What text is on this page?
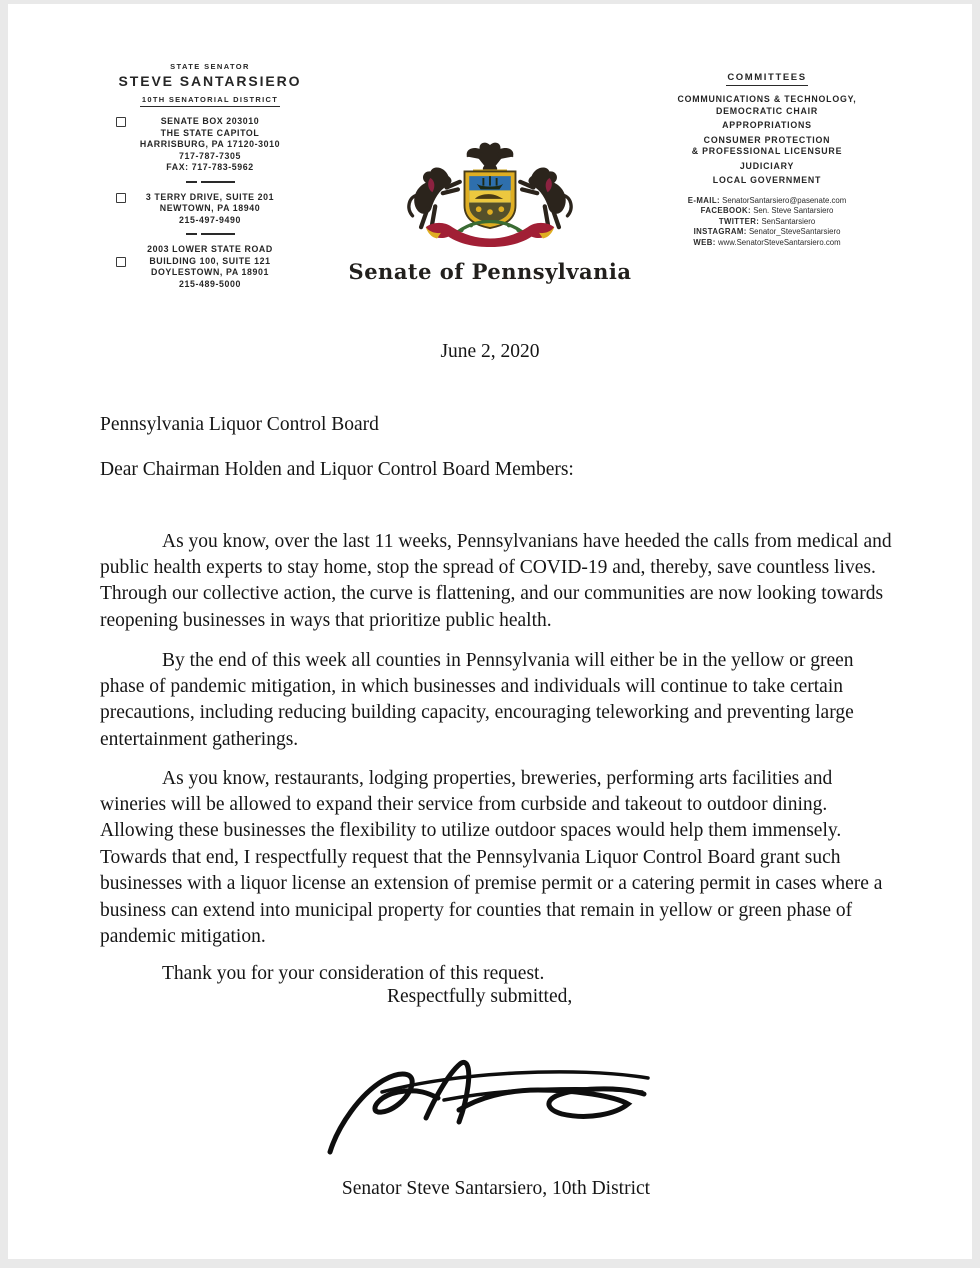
STATE SENATOR
STEVE SANTARSIERO
10TH SENATORIAL DISTRICT
SENATE BOX 203010
THE STATE CAPITOL
HARRISBURG, PA 17120-3010
717-787-7305
FAX: 717-783-5962
3 TERRY DRIVE, SUITE 201
NEWTOWN, PA 18940
215-497-9490
2003 LOWER STATE ROAD
BUILDING 100, SUITE 121
DOYLESTOWN, PA 18901
215-489-5000	Senate of Pennsylvania
COMMITTEES
COMMUNICATIONS & TECHNOLOGY,
DEMOCRATIC CHAIR
APPROPRIATIONS
CONSUMER PROTECTION
& PROFESSIONAL LICENSURE
JUDICIARY
LOCAL GOVERNMENT
E-MAIL: SenatorSantarsiero@pasenate.com
FACEBOOK: Sen. Steve Santarsiero
TWITTER: SenSantarsiero
INSTAGRAM: Senator_SteveSantarsiero
WEB: www.SenatorSteveSantarsiero.com
June 2, 2020
Pennsylvania Liquor Control Board
Dear Chairman Holden and Liquor Control Board Members:

As you know, over the last 11 weeks, Pennsylvanians have heeded the calls from medical and public health experts to stay home, stop the spread of COVID-19 and, thereby, save countless lives. Through our collective action, the curve is flattening, and our communities are now looking towards reopening businesses in ways that prioritize public health.

By the end of this week all counties in Pennsylvania will either be in the yellow or green phase of pandemic mitigation, in which businesses and individuals will continue to take certain precautions, including reducing building capacity, encouraging teleworking and preventing large entertainment gatherings.

As you know, restaurants, lodging properties, breweries, performing arts facilities and wineries will be allowed to expand their service from curbside and takeout to outdoor dining. Allowing these businesses the flexibility to utilize outdoor spaces would help them immensely. Towards that end, I respectfully request that the Pennsylvania Liquor Control Board grant such businesses with a liquor license an extension of premise permit or a catering permit in cases where a business can extend into municipal property for counties that remain in yellow or green phase of pandemic mitigation.

Thank you for your consideration of this request.

Respectfully submitted,
Senator Steve Santarsiero, 10th District
